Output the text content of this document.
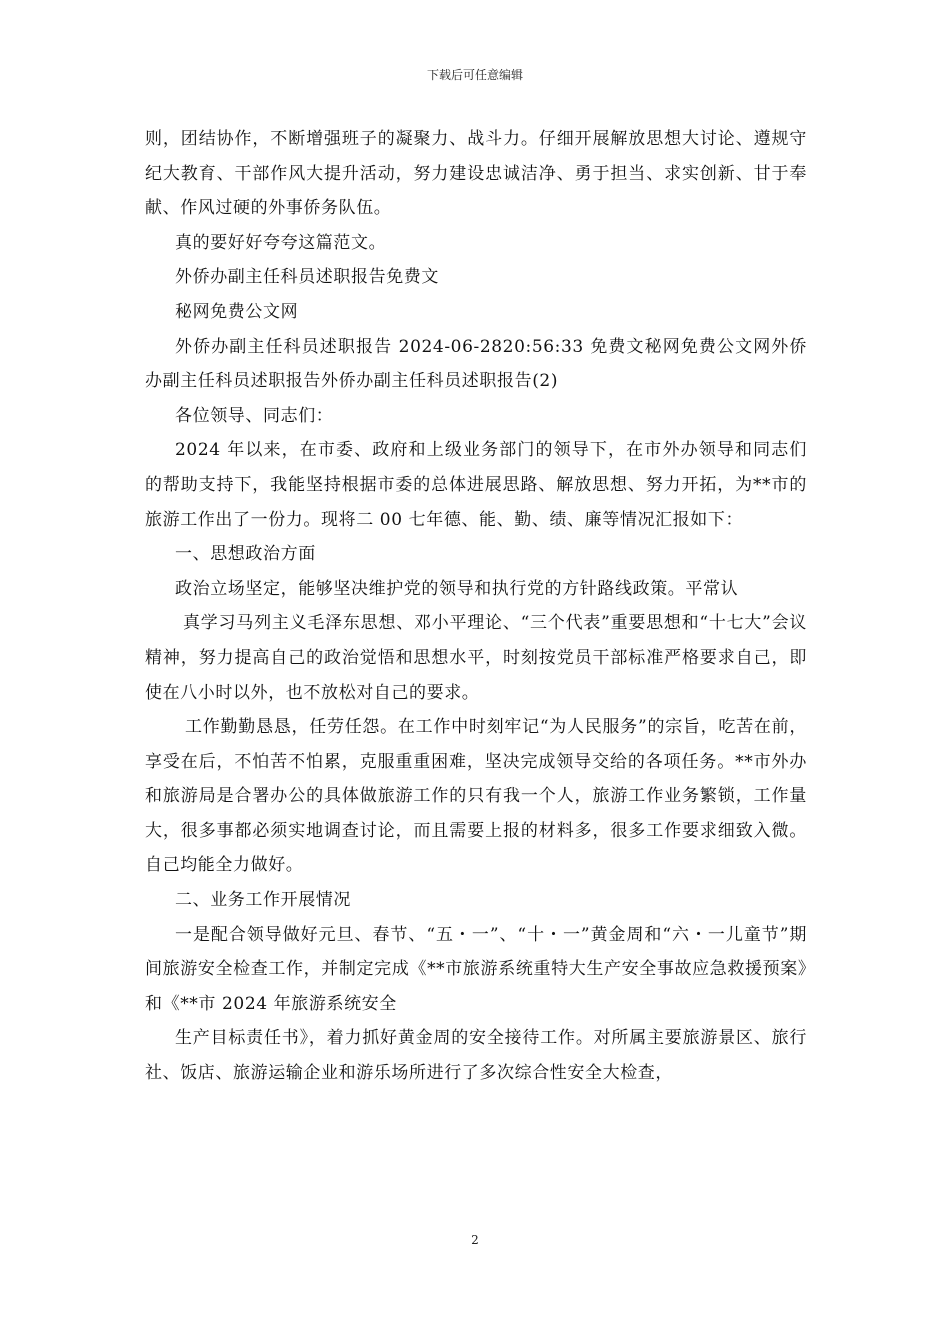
下载后可任意编辑

则，团结协作，不断增强班子的凝聚力、战斗力。仔细开展解放思想大讨论、遵规守纪大教育、干部作风大提升活动，努力建设忠诚洁净、勇于担当、求实创新、甘于奉献、作风过硬的外事侨务队伍。

真的要好好夸夸这篇范文。

外侨办副主任科员述职报告免费文

秘网免费公文网

外侨办副主任科员述职报告 2024-06-2820:56:33 免费文秘网免费公文网外侨办副主任科员述职报告外侨办副主任科员述职报告(2)

各位领导、同志们：

2024 年以来，在市委、政府和上级业务部门的领导下，在市外办领导和同志们的帮助支持下，我能坚持根据市委的总体进展思路、解放思想、努力开拓，为**市的旅游工作出了一份力。现将二 00 七年德、能、勤、绩、廉等情况汇报如下：

一、思想政治方面

政治立场坚定，能够坚决维护党的领导和执行党的方针路线政策。平常认

真学习马列主义毛泽东思想、邓小平理论、“三个代表”重要思想和“十七大”会议精神，努力提高自己的政治觉悟和思想水平，时刻按党员干部标准严格要求自己，即使在八小时以外，也不放松对自己的要求。

工作勤勤恳恳，任劳任怨。在工作中时刻牢记“为人民服务”的宗旨，吃苦在前，享受在后，不怕苦不怕累，克服重重困难，坚决完成领导交给的各项任务。**市外办和旅游局是合署办公的具体做旅游工作的只有我一个人，旅游工作业务繁锁，工作量大，很多事都必须实地调查讨论，而且需要上报的材料多，很多工作要求细致入微。自己均能全力做好。

二、业务工作开展情况

一是配合领导做好元旦、春节、“五・一”、“十・一”黄金周和“六・一儿童节”期间旅游安全检查工作，并制定完成《**市旅游系统重特大生产安全事故应急救援预案》和《**市 2024 年旅游系统安全

生产目标责任书》，着力抓好黄金周的安全接待工作。对所属主要旅游景区、旅行社、饭店、旅游运输企业和游乐场所进行了多次综合性安全大检查，

2
